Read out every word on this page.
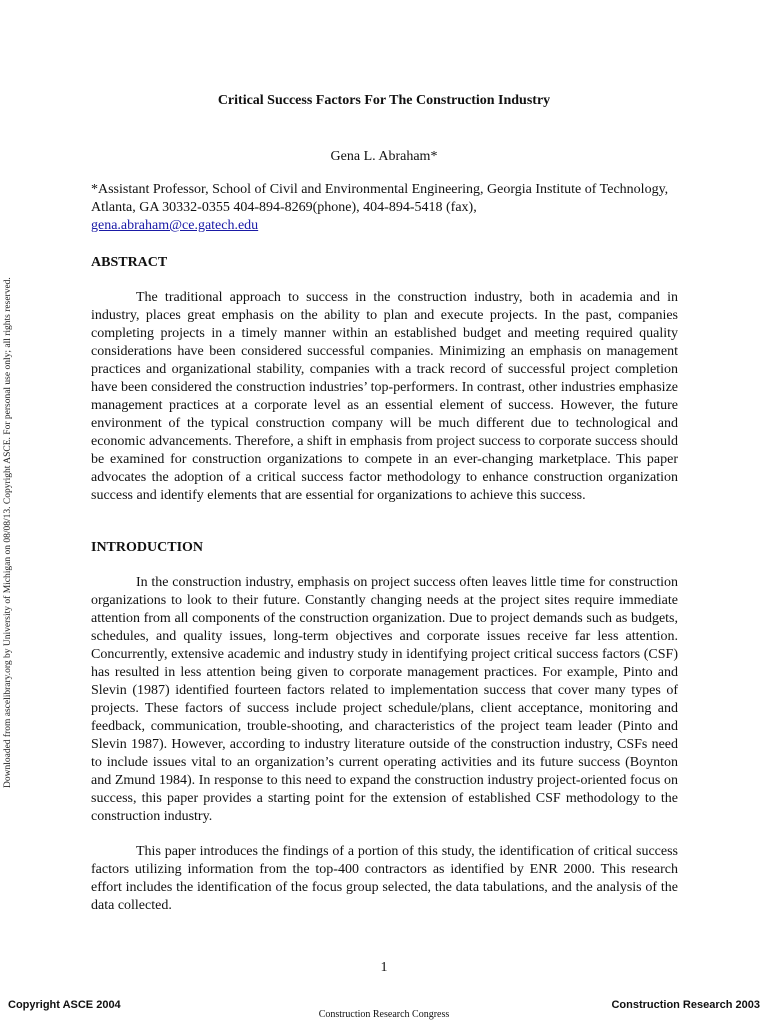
Downloaded from ascelibrary.org by University of Michigan on 08/08/13. Copyright ASCE. For personal use only; all rights reserved.
Critical Success Factors For The Construction Industry
Gena L. Abraham*
*Assistant Professor, School of Civil and Environmental Engineering, Georgia Institute of Technology, Atlanta, GA 30332-0355 404-894-8269(phone), 404-894-5418 (fax),
gena.abraham@ce.gatech.edu
ABSTRACT

The traditional approach to success in the construction industry, both in academia and in industry, places great emphasis on the ability to plan and execute projects. In the past, companies completing projects in a timely manner within an established budget and meeting required quality considerations have been considered successful companies. Minimizing an emphasis on management practices and organizational stability, companies with a track record of successful project completion have been considered the construction industries’ top-performers. In contrast, other industries emphasize management practices at a corporate level as an essential element of success. However, the future environment of the typical construction company will be much different due to technological and economic advancements. Therefore, a shift in emphasis from project success to corporate success should be examined for construction organizations to compete in an ever-changing marketplace. This paper advocates the adoption of a critical success factor methodology to enhance construction organization success and identify elements that are essential for organizations to achieve this success.

INTRODUCTION

In the construction industry, emphasis on project success often leaves little time for construction organizations to look to their future. Constantly changing needs at the project sites require immediate attention from all components of the construction organization. Due to project demands such as budgets, schedules, and quality issues, long-term objectives and corporate issues receive far less attention. Concurrently, extensive academic and industry study in identifying project critical success factors (CSF) has resulted in less attention being given to corporate management practices. For example, Pinto and Slevin (1987) identified fourteen factors related to implementation success that cover many types of projects. These factors of success include project schedule/plans, client acceptance, monitoring and feedback, communication, trouble-shooting, and characteristics of the project team leader (Pinto and Slevin 1987). However, according to industry literature outside of the construction industry, CSFs need to include issues vital to an organization’s current operating activities and its future success (Boynton and Zmund 1984). In response to this need to expand the construction industry project-oriented focus on success, this paper provides a starting point for the extension of established CSF methodology to the construction industry.

This paper introduces the findings of a portion of this study, the identification of critical success factors utilizing information from the top-400 contractors as identified by ENR 2000. This research effort includes the identification of the focus group selected, the data tabulations, and the analysis of the data collected.

1
Copyright ASCE 2004	Construction Research 2003
Construction Research Congress
